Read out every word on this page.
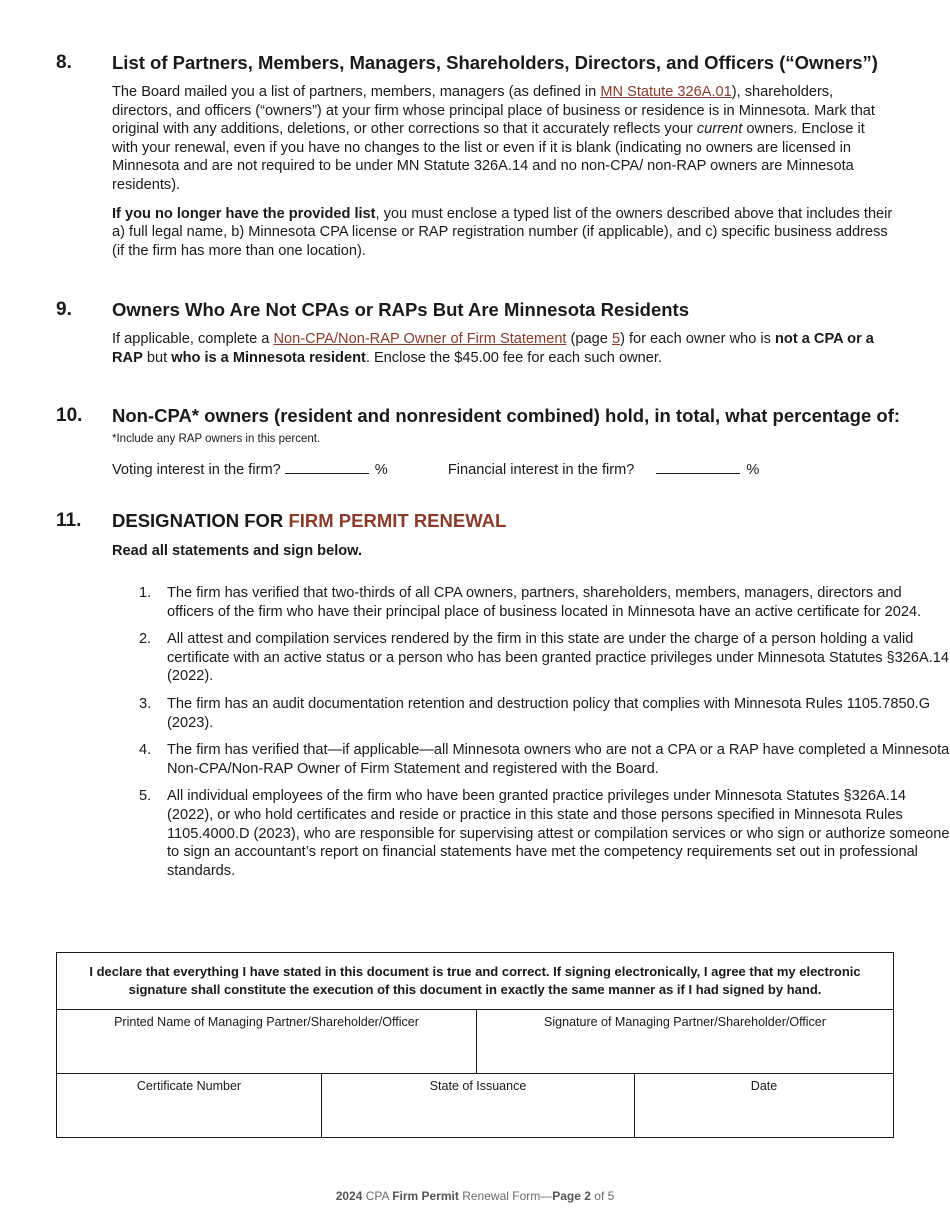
8. List of Partners, Members, Managers, Shareholders, Directors, and Officers (“Owners”)

The Board mailed you a list of partners, members, managers (as defined in MN Statute 326A.01), shareholders, directors, and officers (“owners”) at your firm whose principal place of business or residence is in Minnesota. Mark that original with any additions, deletions, or other corrections so that it accurately reflects your current owners. Enclose it with your renewal, even if you have no changes to the list or even if it is blank (indicating no owners are licensed in Minnesota and are not required to be under MN Statute 326A.14 and no non-CPA/ non-RAP owners are Minnesota residents).

If you no longer have the provided list, you must enclose a typed list of the owners described above that includes their a) full legal name, b) Minnesota CPA license or RAP registration number (if applicable), and c) specific business address (if the firm has more than one location).

9. Owners Who Are Not CPAs or RAPs But Are Minnesota Residents

If applicable, complete a Non-CPA/Non-RAP Owner of Firm Statement (page 5) for each owner who is not a CPA or a RAP but who is a Minnesota resident. Enclose the $45.00 fee for each such owner.

10. Non-CPA* owners (resident and nonresident combined) hold, in total, what percentage of:
*Include any RAP owners in this percent.
Voting interest in the firm?	%	Financial interest in the firm?	%
11. DESIGNATION FOR FIRM PERMIT RENEWAL
Read all statements and sign below.
1. The firm has verified that two-thirds of all CPA owners, partners, shareholders, members, managers, directors and officers of the firm who have their principal place of business located in Minnesota have an active certificate for 2024.
2. All attest and compilation services rendered by the firm in this state are under the charge of a person holding a valid certificate with an active status or a person who has been granted practice privileges under Minnesota Statutes §326A.14 (2022).
3. The firm has an audit documentation retention and destruction policy that complies with Minnesota Rules 1105.7850.G (2023).
4. The firm has verified that—if applicable—all Minnesota owners who are not a CPA or a RAP have completed a Minnesota Non-CPA/Non-RAP Owner of Firm Statement and registered with the Board.
5. All individual employees of the firm who have been granted practice privileges under Minnesota Statutes §326A.14 (2022), or who hold certificates and reside or practice in this state and those persons specified in Minnesota Rules 1105.4000.D (2023), who are responsible for supervising attest or compilation services or who sign or authorize someone to sign an accountant’s report on financial statements have met the competency requirements set out in professional standards.
I declare that everything I have stated in this document is true and correct. If signing electronically, I agree that my electronic signature shall constitute the execution of this document in exactly the same manner as if I had signed by hand.
Printed Name of Managing Partner/Shareholder/Officer	Signature of Managing Partner/Shareholder/Officer
Certificate Number	State of Issuance	Date
2024 CPA Firm Permit Renewal Form—Page 2 of 5
